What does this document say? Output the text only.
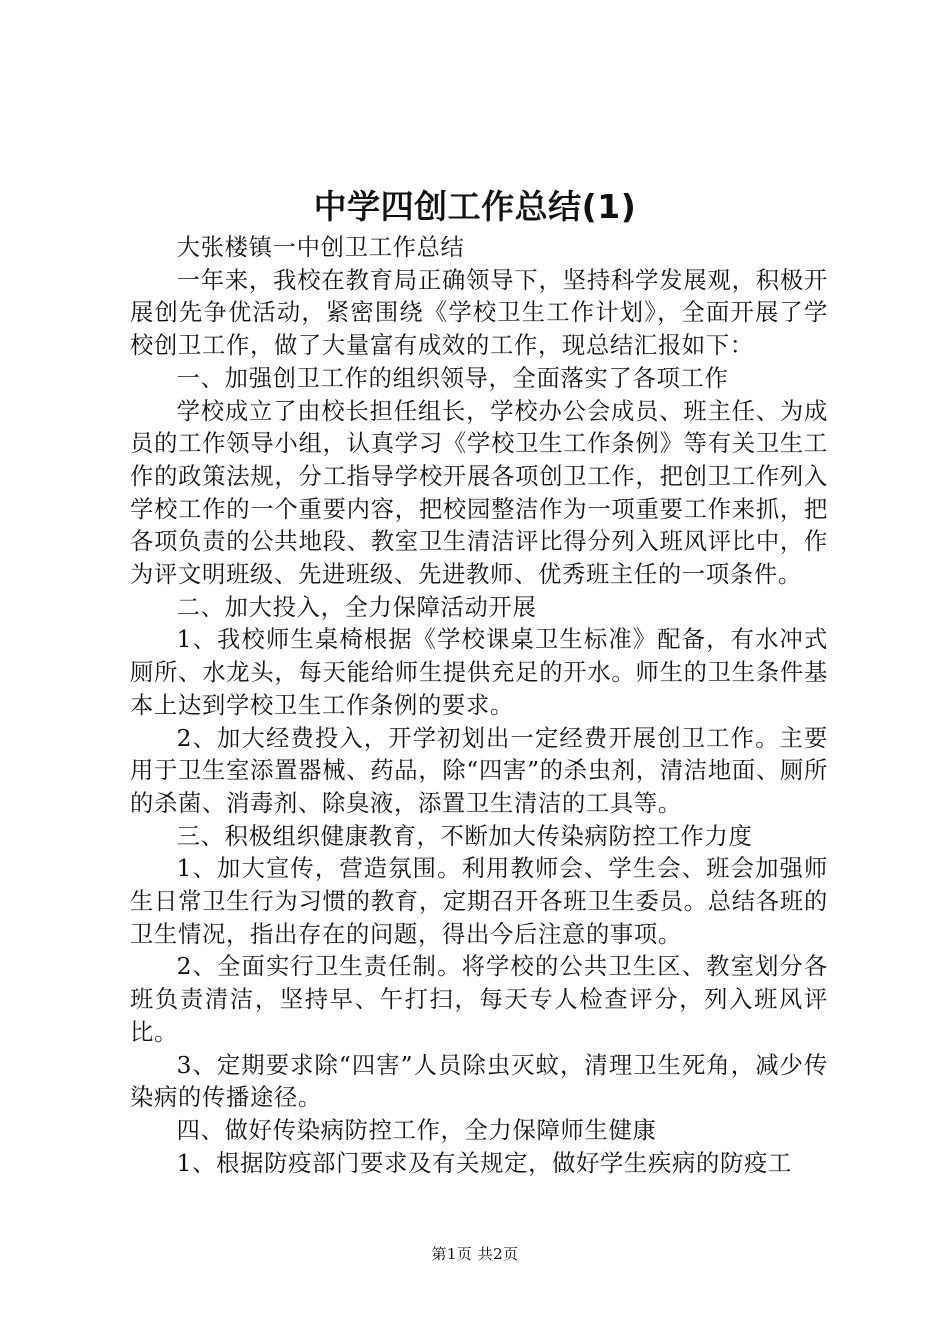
中学四创工作总结(1)

大张楼镇一中创卫工作总结

一年来，我校在教育局正确领导下，坚持科学发展观，积极开展创先争优活动，紧密围绕《学校卫生工作计划》，全面开展了学校创卫工作，做了大量富有成效的工作，现总结汇报如下：

一、加强创卫工作的组织领导，全面落实了各项工作

学校成立了由校长担任组长，学校办公会成员、班主任、为成员的工作领导小组，认真学习《学校卫生工作条例》等有关卫生工作的政策法规，分工指导学校开展各项创卫工作，把创卫工作列入学校工作的一个重要内容，把校园整洁作为一项重要工作来抓，把各项负责的公共地段、教室卫生清洁评比得分列入班风评比中，作为评文明班级、先进班级、先进教师、优秀班主任的一项条件。

二、加大投入，全力保障活动开展

1、我校师生桌椅根据《学校课桌卫生标准》配备，有水冲式厕所、水龙头，每天能给师生提供充足的开水。师生的卫生条件基本上达到学校卫生工作条例的要求。

2、加大经费投入，开学初划出一定经费开展创卫工作。主要用于卫生室添置器械、药品，除“四害”的杀虫剂，清洁地面、厕所的杀菌、消毒剂、除臭液，添置卫生清洁的工具等。

三、积极组织健康教育，不断加大传染病防控工作力度

1、加大宣传，营造氛围。利用教师会、学生会、班会加强师生日常卫生行为习惯的教育，定期召开各班卫生委员。总结各班的卫生情况，指出存在的问题，得出今后注意的事项。

2、全面实行卫生责任制。将学校的公共卫生区、教室划分各班负责清洁，坚持早、午打扫，每天专人检查评分，列入班风评比。

3、定期要求除“四害”人员除虫灭蚊，清理卫生死角，减少传染病的传播途径。

四、做好传染病防控工作，全力保障师生健康

1、根据防疫部门要求及有关规定，做好学生疾病的防疫工

第1页 共2页
